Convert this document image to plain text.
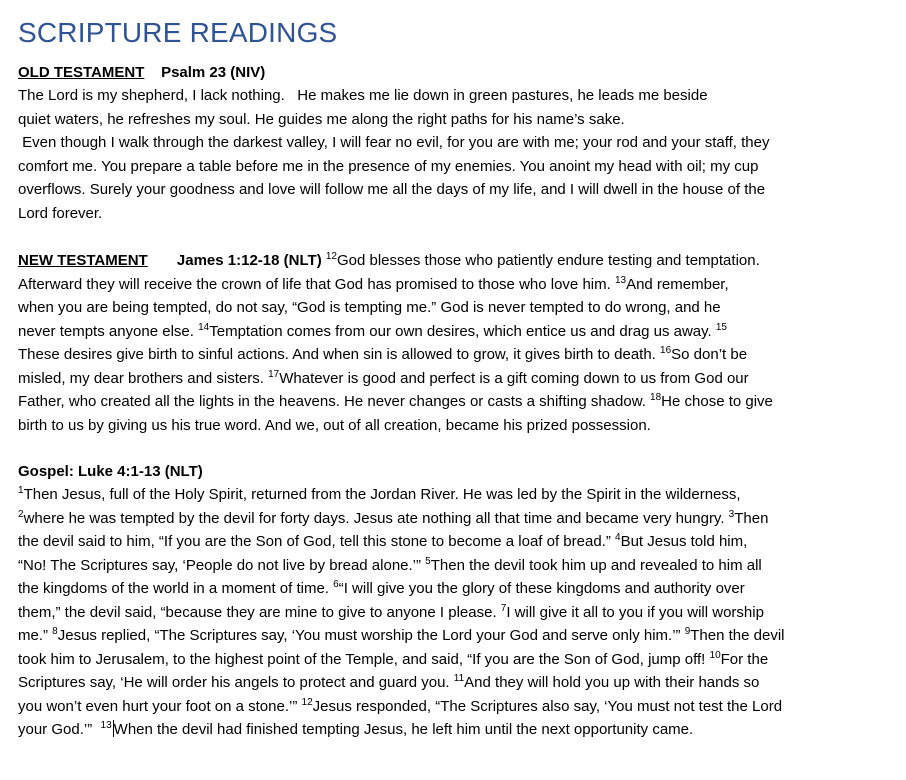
SCRIPTURE READINGS

OLD TESTAMENT Psalm 23 (NIV)

The Lord is my shepherd, I lack nothing.   He makes me lie down in green pastures, he leads me beside
quiet waters, he refreshes my soul. He guides me along the right paths for his name’s sake.
Even though I walk through the darkest valley, I will fear no evil, for you are with me; your rod and your staff, they
comfort me. You prepare a table before me in the presence of my enemies. You anoint my head with oil; my cup
overflows. Surely your goodness and love will follow me all the days of my life, and I will dwell in the house of the
Lord forever.

NEW TESTAMENT James 1:12-18 (NLT) $^{12}$God blesses those who patiently endure testing and temptation.
Afterward they will receive the crown of life that God has promised to those who love him. $^{13}$And remember,
when you are being tempted, do not say, “God is tempting me.” God is never tempted to do wrong, and he
never tempts anyone else. $^{14}$Temptation comes from our own desires, which entice us and drag us away. $^{15}$
These desires give birth to sinful actions. And when sin is allowed to grow, it gives birth to death. $^{16}$So don’t be
misled, my dear brothers and sisters. $^{17}$Whatever is good and perfect is a gift coming down to us from God our
Father, who created all the lights in the heavens. He never changes or casts a shifting shadow. $^{18}$He chose to give
birth to us by giving us his true word. And we, out of all creation, became his prized possession.

Gospel: Luke 4:1-13 (NLT)

$^1$Then Jesus, full of the Holy Spirit, returned from the Jordan River. He was led by the Spirit in the wilderness,
$^2$where he was tempted by the devil for forty days. Jesus ate nothing all that time and became very hungry. $^3$Then
the devil said to him, “If you are the Son of God, tell this stone to become a loaf of bread.” $^4$But Jesus told him,
“No! The Scriptures say, ‘People do not live by bread alone.’” $^5$Then the devil took him up and revealed to him all
the kingdoms of the world in a moment of time. $^6$“I will give you the glory of these kingdoms and authority over
them,” the devil said, “because they are mine to give to anyone I please. $^7$I will give it all to you if you will worship
me.” $^8$Jesus replied, “The Scriptures say, ‘You must worship the Lord your God and serve only him.’” $^9$Then the devil
took him to Jerusalem, to the highest point of the Temple, and said, “If you are the Son of God, jump off! $^{10}$For the
Scriptures say, ‘He will order his angels to protect and guard you. $^{11}$And they will hold you up with their hands so
you won’t even hurt your foot on a stone.’” $^{12}$Jesus responded, “The Scriptures also say, ‘You must not test the Lord
your God.’” $^{13}$ When the devil had finished tempting Jesus, he left him until the next opportunity came.
